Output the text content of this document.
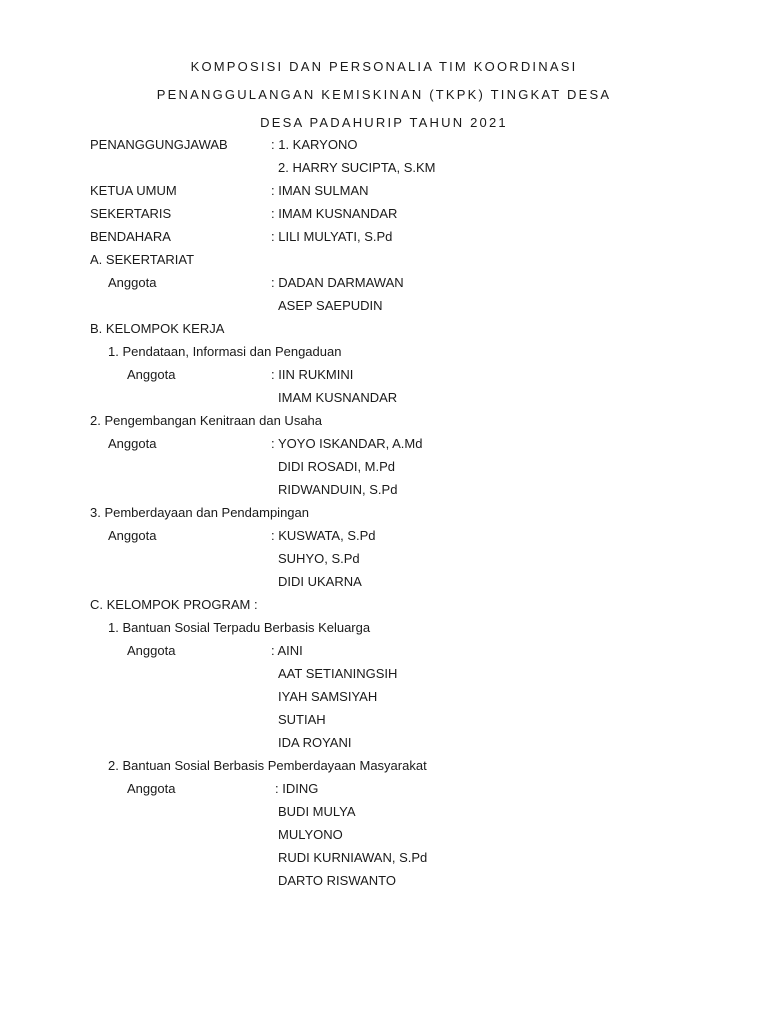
KOMPOSISI DAN PERSONALIA TIM KOORDINASI
PENANGGULANGAN KEMISKINAN (TKPK) TINGKAT DESA
DESA PADAHURIP TAHUN 2021
PENANGGUNGJAWAB	: 1. KARYONO
2. HARRY SUCIPTA, S.KM
KETUA UMUM	: IMAN SULMAN
SEKERTARIS	: IMAM KUSNANDAR
BENDAHARA	: LILI MULYATI, S.Pd
A. SEKERTARIAT
Anggota	: DADAN DARMAWAN
ASEP SAEPUDIN
B. KELOMPOK KERJA
1. Pendataan, Informasi dan Pengaduan
Anggota	: IIN RUKMINI
IMAM KUSNANDAR
2. Pengembangan Kenitraan dan Usaha
Anggota	: YOYO ISKANDAR, A.Md
DIDI ROSADI, M.Pd
RIDWANDUIN, S.Pd
3. Pemberdayaan dan Pendampingan
Anggota	: KUSWATA, S.Pd
SUHYO, S.Pd
DIDI UKARNA
C. KELOMPOK PROGRAM :
1. Bantuan Sosial Terpadu Berbasis Keluarga
Anggota	: AINI
AAT SETIANINGSIH
IYAH SAMSIYAH
SUTIAH
IDA ROYANI
2. Bantuan Sosial Berbasis Pemberdayaan Masyarakat
Anggota	: IDING
BUDI MULYA
MULYONO
RUDI KURNIAWAN, S.Pd
DARTO RISWANTO
